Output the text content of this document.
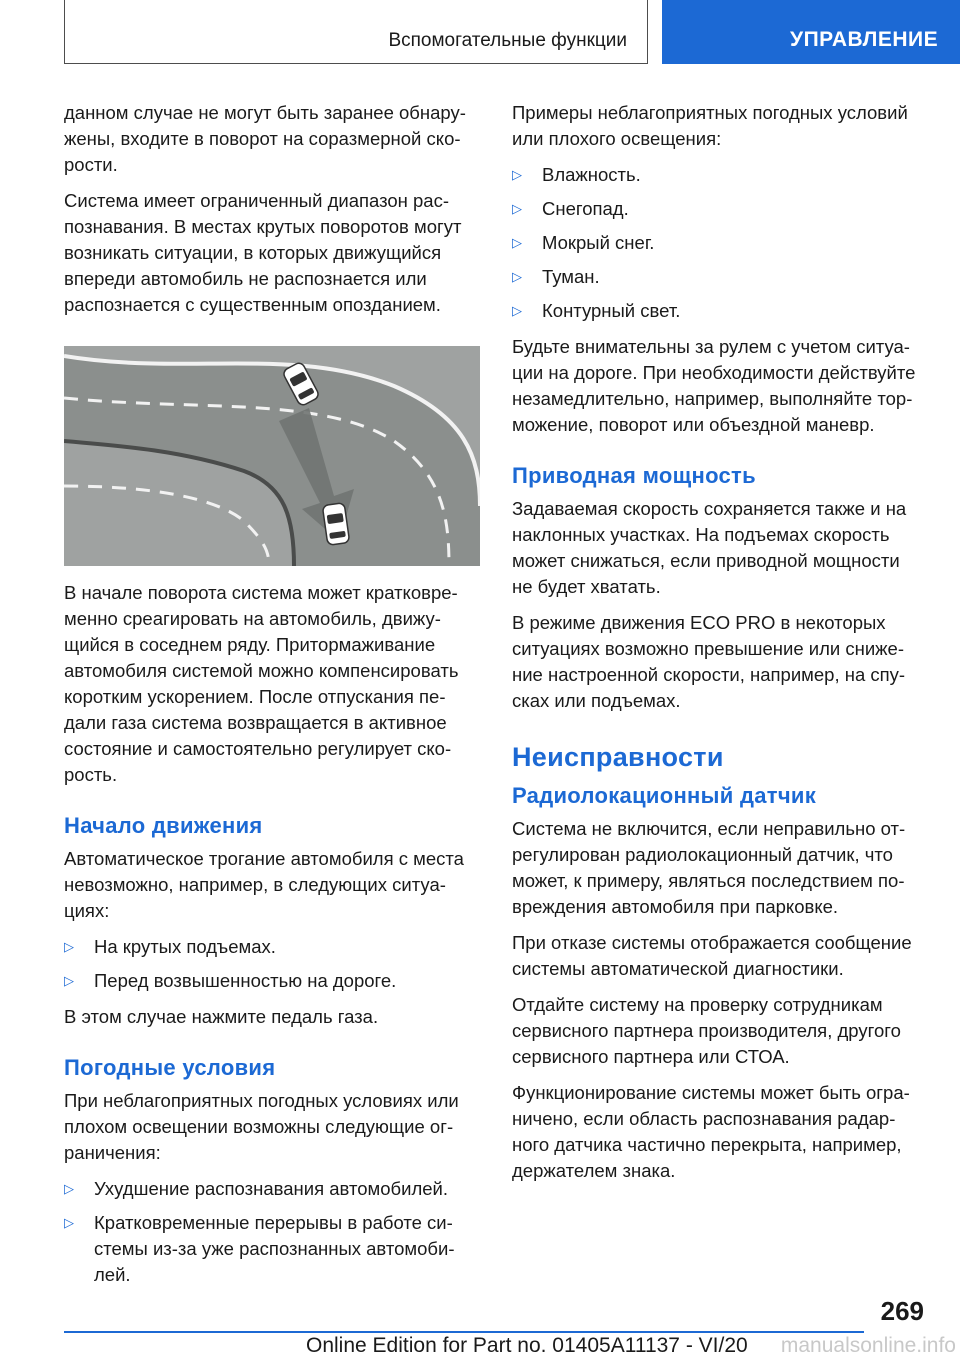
Вспомогательные функции	УПРАВЛЕНИЕ

данном случае не могут быть заранее обнару-жены, входите в поворот на соразмерной ско-рости.

Система имеет ограниченный диапазон рас-познавания. В местах крутых поворотов могут возникать ситуации, в которых движущийся впереди автомобиль не распознается или распознается с существенным опозданием.

В начале поворота система может кратковре-менно среагировать на автомобиль, движу-щийся в соседнем ряду. Притормаживание автомобиля системой можно компенсировать коротким ускорением. После отпускания пе-дали газа система возвращается в активное состояние и самостоятельно регулирует ско-рость.

Начало движения

Автоматическое трогание автомобиля с места невозможно, например, в следующих ситуа-циях:

▷ На крутых подъемах.
▷ Перед возвышенностью на дороге.

В этом случае нажмите педаль газа.

Погодные условия

При неблагоприятных погодных условиях или плохом освещении возможны следующие ог-раничения:

▷ Ухудшение распознавания автомобилей.
▷ Кратковременные перерывы в работе си-стемы из-за уже распознанных автомоби-лей.

Примеры неблагоприятных погодных условий или плохого освещения:

▷ Влажность.
▷ Снегопад.
▷ Мокрый снег.
▷ Туман.
▷ Контурный свет.

Будьте внимательны за рулем с учетом ситуа-ции на дороге. При необходимости действуйте незамедлительно, например, выполняйте тор-можение, поворот или объездной маневр.

Приводная мощность

Задаваемая скорость сохраняется также и на наклонных участках. На подъемах скорость может снижаться, если приводной мощности не будет хватать.

В режиме движения ECO PRO в некоторых ситуациях возможно превышение или сниже-ние настроенной скорости, например, на спу-сках или подъемах.

Неисправности
Радиолокационный датчик

Система не включится, если неправильно от-регулирован радиолокационный датчик, что может, к примеру, являться последствием по-вреждения автомобиля при парковке.

При отказе системы отображается сообщение системы автоматической диагностики.

Отдайте систему на проверку сотрудникам сервисного партнера производителя, другого сервисного партнера или СТОА.

Функционирование системы может быть огра-ничено, если область распознавания радар-ного датчика частично перекрыта, например, держателем знака.

269
Online Edition for Part no. 01405A11137 - VI/20 manualsonline.info
